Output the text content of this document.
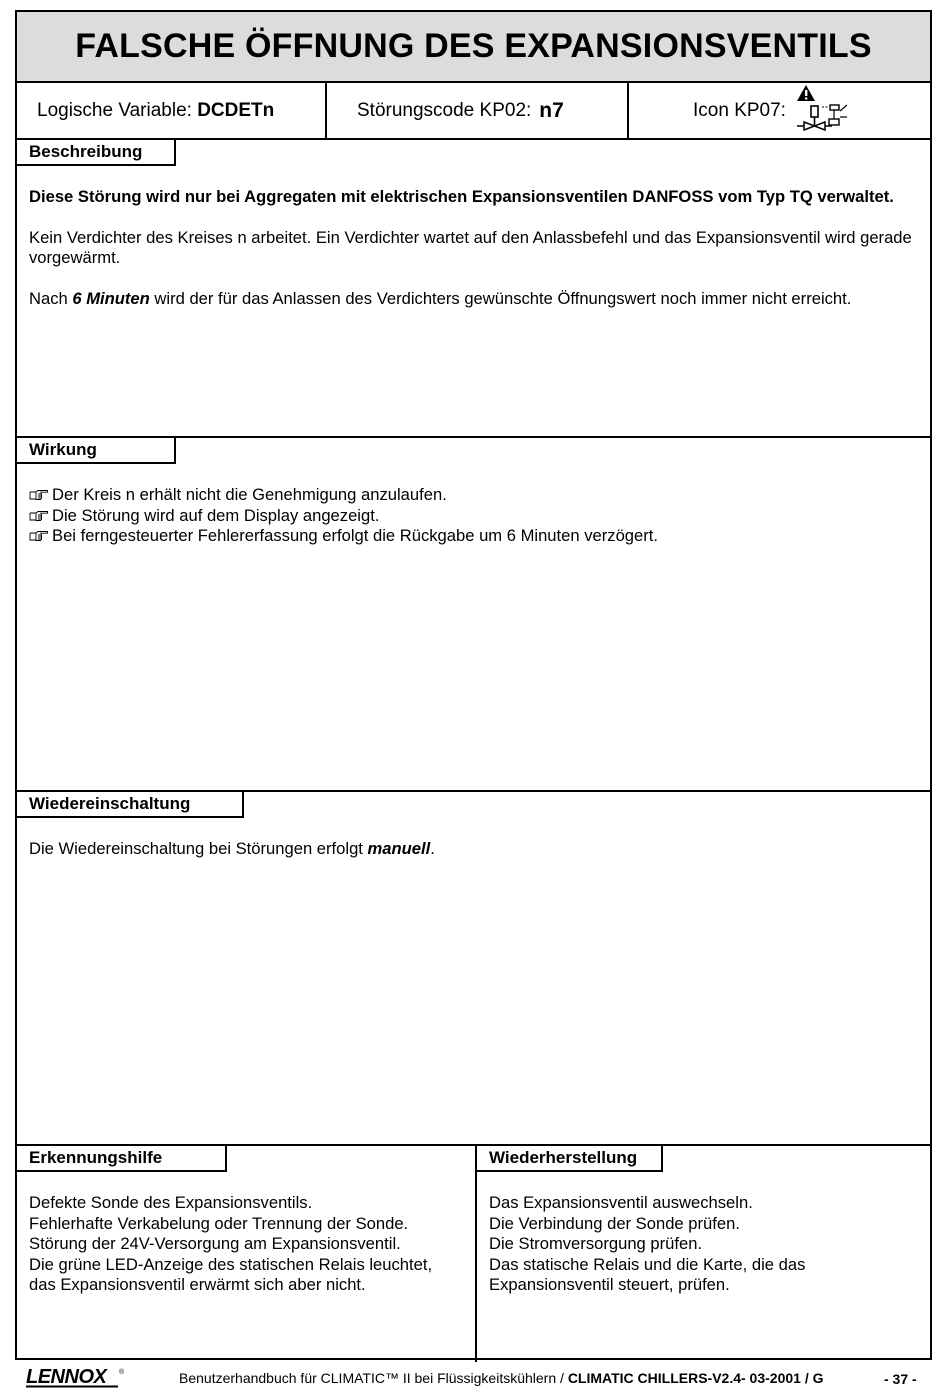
FALSCHE ÖFFNUNG DES EXPANSIONSVENTILS
Logische Variable: DCDETn	Störungscode KP02: n7	Icon KP07:
Beschreibung

Diese Störung wird nur bei Aggregaten mit elektrischen Expansionsventilen DANFOSS vom Typ TQ verwaltet.

Kein Verdichter des Kreises n arbeitet. Ein Verdichter wartet auf den Anlassbefehl und das Expansionsventil wird gerade vorgewärmt.

Nach 6 Minuten wird der für das Anlassen des Verdichters gewünschte Öffnungswert noch immer nicht erreicht.

Wirkung
Der Kreis n erhält nicht die Genehmigung anzulaufen.
Die Störung wird auf dem Display angezeigt.
Bei ferngesteuerter Fehlererfassung erfolgt die Rückgabe um 6 Minuten verzögert.
Wiedereinschaltung

Die Wiedereinschaltung bei Störungen erfolgt manuell.

Erkennungshilfe
Defekte Sonde des Expansionsventils.
Fehlerhafte Verkabelung oder Trennung der Sonde.
Störung der 24V-Versorgung am Expansionsventil.
Die grüne LED-Anzeige des statischen Relais leuchtet,
das Expansionsventil erwärmt sich aber nicht.
Wiederherstellung
Das Expansionsventil auswechseln.
Die Verbindung der Sonde prüfen.
Die Stromversorgung prüfen.
Das statische Relais und die Karte, die das
Expansionsventil steuert, prüfen.
LENNOX	®	Benutzerhandbuch für CLIMATIC™ II bei Flüssigkeitskühlern / CLIMATIC CHILLERS-V2.4- 03-2001 / G	- 37 -
